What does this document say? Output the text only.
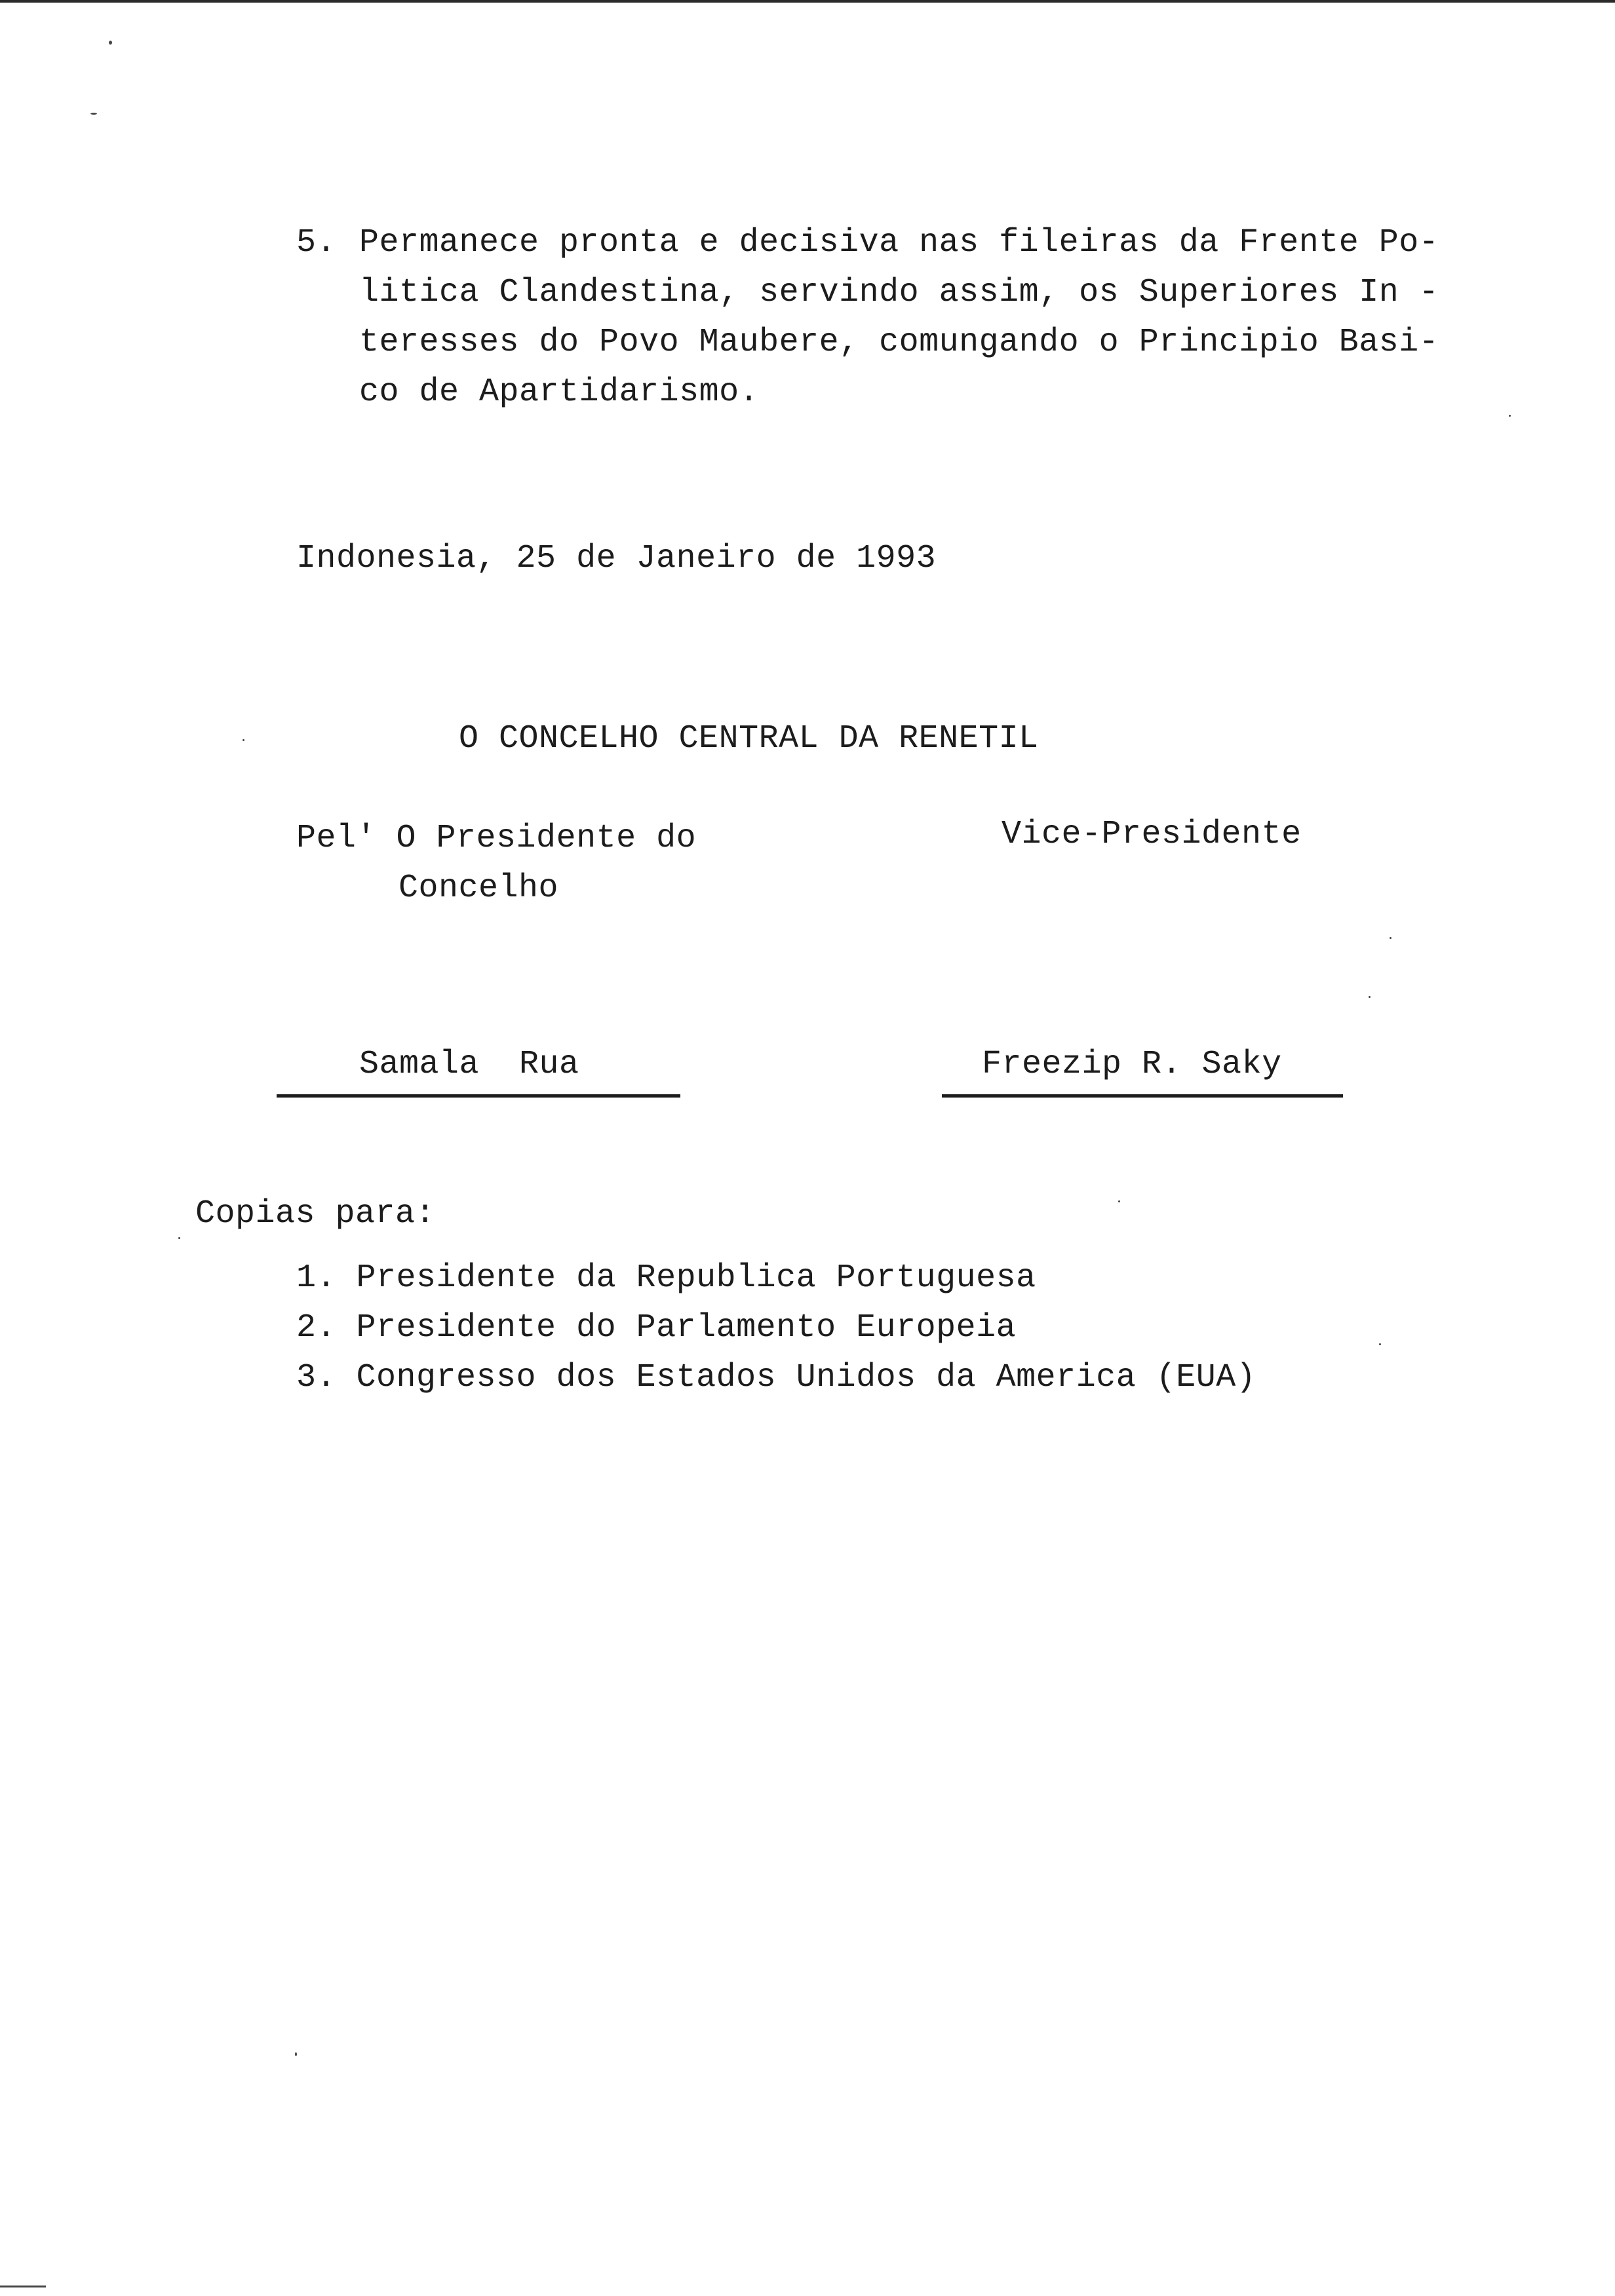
5. Permanece pronta e decisiva nas fileiras da Frente Po-
litica Clandestina, servindo assim, os Superiores In -
teresses do Povo Maubere, comungando o Principio Basi-
co de Apartidarismo.
Indonesia, 25 de Janeiro de 1993
O CONCELHO CENTRAL DA RENETIL
Pel' O Presidente do
Concelho
Vice-Presidente
Samala  Rua	Freezip R. Saky
Copias para:
1. Presidente da Republica Portuguesa
2. Presidente do Parlamento Europeia
3. Congresso dos Estados Unidos da America (EUA)
